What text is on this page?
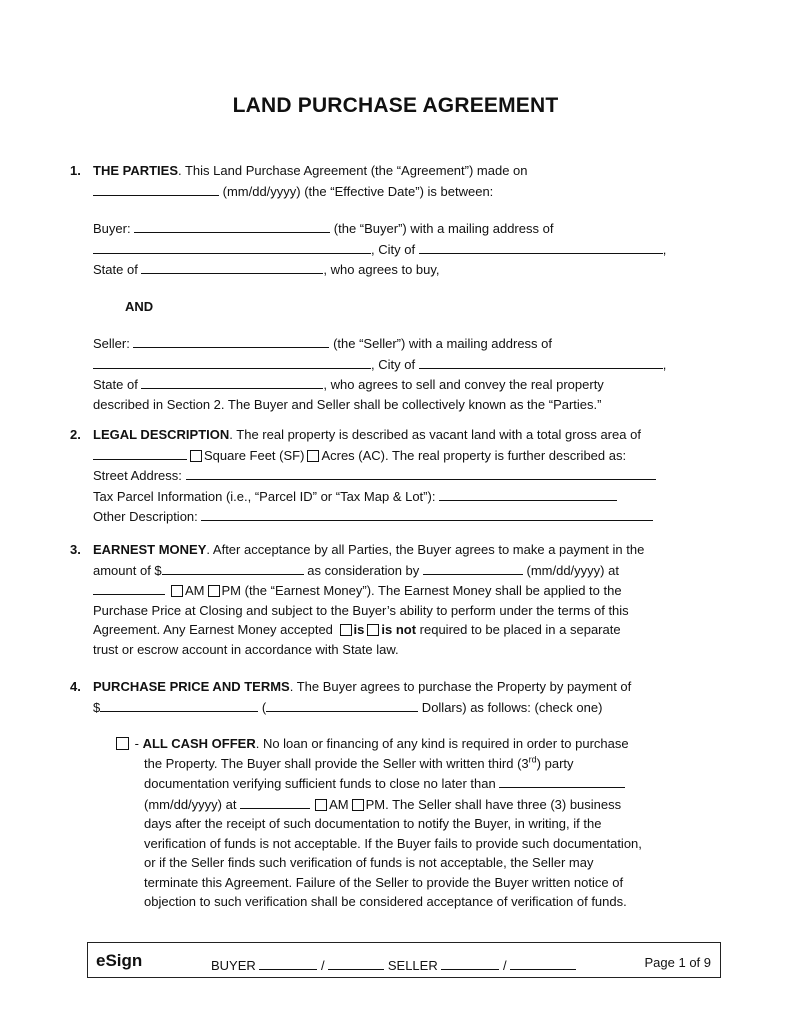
LAND PURCHASE AGREEMENT
1. THE PARTIES. This Land Purchase Agreement (the “Agreement”) made on
(mm/dd/yyyy) (the “Effective Date”) is between:
Buyer:	(the “Buyer”) with a mailing address of
, City of	,
State of	, who agrees to buy,
AND
Seller:	(the “Seller”) with a mailing address of
, City of	,
State of	, who agrees to sell and convey the real property
described in Section 2. The Buyer and Seller shall be collectively known as the “Parties.”
2. LEGAL DESCRIPTION. The real property is described as vacant land with a total gross area of
Square Feet (SF) Acres (AC). The real property is further described as:
Street Address:
Tax Parcel Information (i.e., “Parcel ID” or “Tax Map & Lot”):
Other Description:
3. EARNEST MONEY. After acceptance by all Parties, the Buyer agrees to make a payment in the
amount of $	as consideration by	(mm/dd/yyyy) at
AM PM (the “Earnest Money”). The Earnest Money shall be applied to the
Purchase Price at Closing and subject to the Buyer’s ability to perform under the terms of this
Agreement. Any Earnest Money accepted is is not required to be placed in a separate
trust or escrow account in accordance with State law.
4. PURCHASE PRICE AND TERMS. The Buyer agrees to purchase the Property by payment of
$	(	Dollars) as follows: (check one)
- ALL CASH OFFER. No loan or financing of any kind is required in order to purchase
the Property. The Buyer shall provide the Seller with written third (3rd) party
documentation verifying sufficient funds to close no later than
(mm/dd/yyyy) at	AM PM. The Seller shall have three (3) business
days after the receipt of such documentation to notify the Buyer, in writing, if the
verification of funds is not acceptable. If the Buyer fails to provide such documentation,
or if the Seller finds such verification of funds is not acceptable, the Seller may
terminate this Agreement. Failure of the Seller to provide the Buyer written notice of
objection to such verification shall be considered acceptance of verification of funds.
eSign	BUYER	/	SELLER	/	Page 1 of 9
